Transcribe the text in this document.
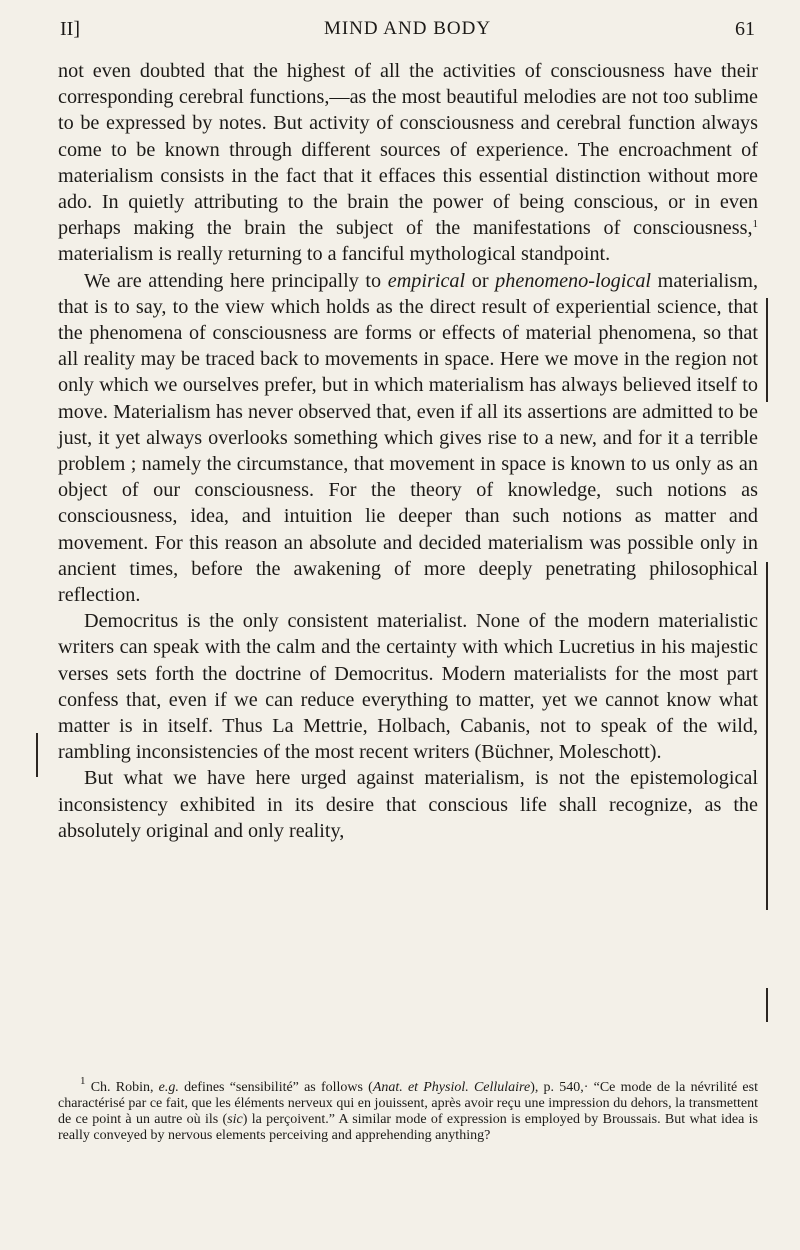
II]	MIND AND BODY	61

not even doubted that the highest of all the activities of consciousness have their corresponding cerebral functions,—as the most beautiful melodies are not too sublime to be expressed by notes. But activity of consciousness and cerebral function always come to be known through different sources of experience. The encroachment of materialism consists in the fact that it effaces this essential distinction without more ado. In quietly attributing to the brain the power of being conscious, or in even perhaps making the brain the subject of the manifestations of consciousness,$^1$ materialism is really returning to a fanciful mythological standpoint.

We are attending here principally to empirical or phenomeno-logical materialism, that is to say, to the view which holds as the direct result of experiential science, that the phenomena of consciousness are forms or effects of material phenomena, so that all reality may be traced back to movements in space. Here we move in the region not only which we ourselves prefer, but in which materialism has always believed itself to move. Materialism has never observed that, even if all its assertions are admitted to be just, it yet always overlooks something which gives rise to a new, and for it a terrible problem ; namely the circumstance, that movement in space is known to us only as an object of our consciousness. For the theory of knowledge, such notions as consciousness, idea, and intuition lie deeper than such notions as matter and movement. For this reason an absolute and decided materialism was possible only in ancient times, before the awakening of more deeply penetrating philosophical reflection.

Democritus is the only consistent materialist. None of the modern materialistic writers can speak with the calm and the certainty with which Lucretius in his majestic verses sets forth the doctrine of Democritus. Modern materialists for the most part confess that, even if we can reduce everything to matter, yet we cannot know what matter is in itself. Thus La Mettrie, Holbach, Cabanis, not to speak of the wild, rambling inconsistencies of the most recent writers (Büchner, Moleschott).

But what we have here urged against materialism, is not the epistemological inconsistency exhibited in its desire that conscious life shall recognize, as the absolutely original and only reality,

$^1$ Ch. Robin, e.g. defines “sensibilité” as follows (Anat. et Physiol. Cellulaire), p. 540,· “Ce mode de la névrilité est charactérisé par ce fait, que les éléments nerveux qui en jouissent, après avoir reçu une impression du dehors, la transmettent de ce point à un autre où ils (sic) la perçoivent.” A similar mode of expression is employed by Broussais. But what idea is really conveyed by nervous elements perceiving and apprehending anything?
